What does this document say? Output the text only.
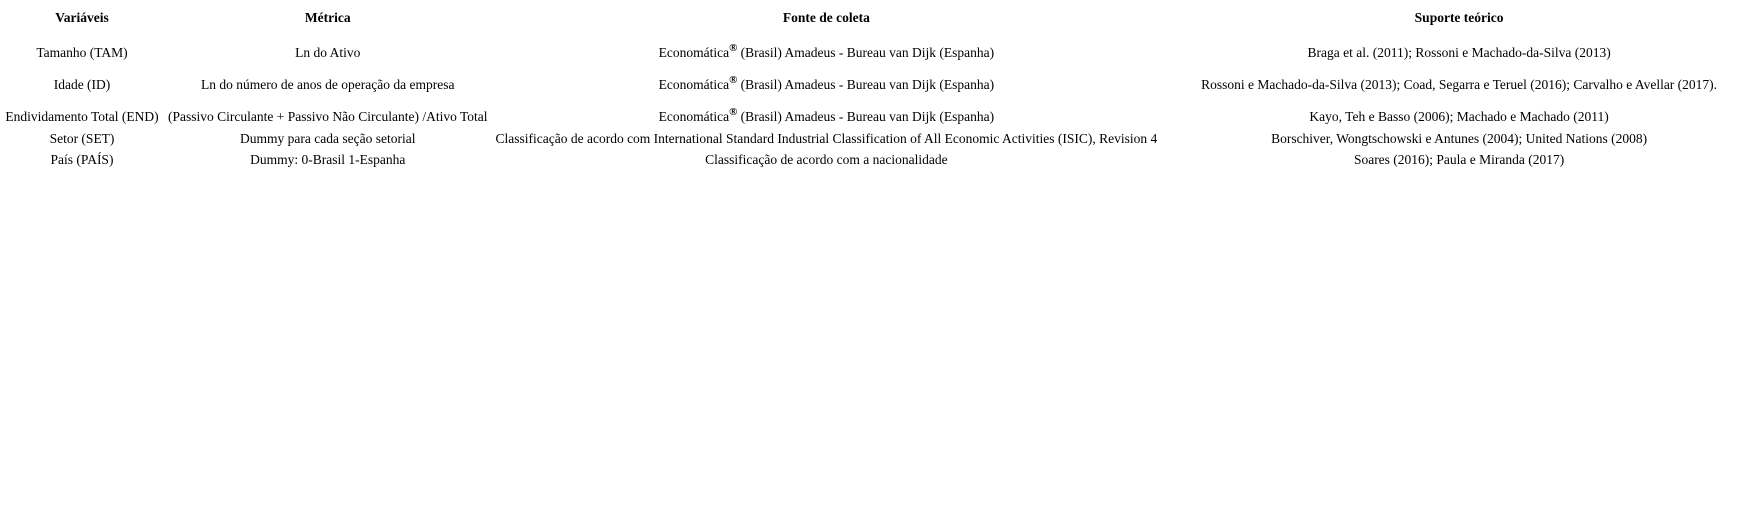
Variáveis	Métrica	Fonte de coleta	Suporte teórico
Tamanho (TAM)	Ln do Ativo	Economática® (Brasil) Amadeus - Bureau van Dijk (Espanha)	Braga et al. (2011); Rossoni e Machado-da-Silva (2013)
Idade (ID)	Ln do número de anos de operação da empresa	Economática® (Brasil) Amadeus - Bureau van Dijk (Espanha)	Rossoni e Machado-da-Silva (2013); Coad, Segarra e Teruel (2016); Carvalho e Avellar (2017).
Endividamento Total (END)	(Passivo Circulante + Passivo Não Circulante) /Ativo Total	Economática® (Brasil) Amadeus - Bureau van Dijk (Espanha)	Kayo, Teh e Basso (2006); Machado e Machado (2011)
Setor (SET)	Dummy para cada seção setorial	Classificação de acordo com International Standard Industrial Classification of All Economic Activities (ISIC), Revision 4	Borschiver, Wongtschowski e Antunes (2004); United Nations (2008)
País (PAÍS)	Dummy: 0-Brasil 1-Espanha	Classificação de acordo com a nacionalidade	Soares (2016); Paula e Miranda (2017)
